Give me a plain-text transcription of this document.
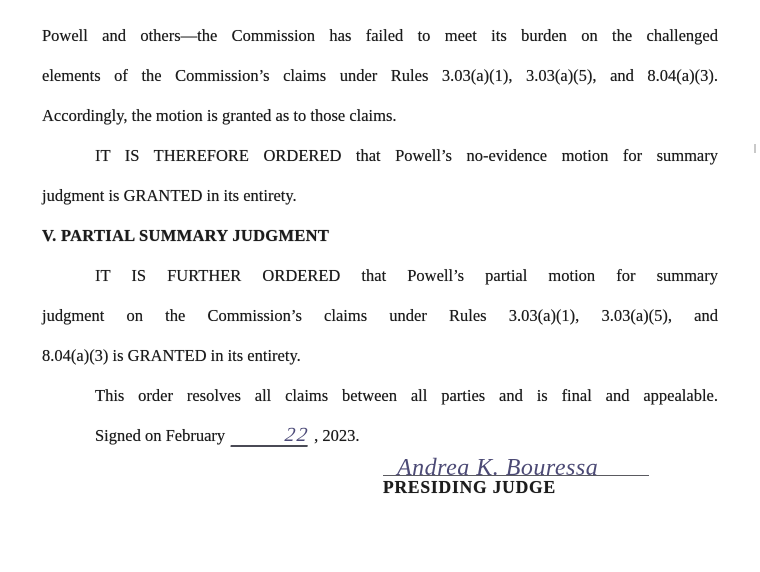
Powell and others—the Commission has failed to meet its burden on the challenged
elements of the Commission’s claims under Rules 3.03(a)(1), 3.03(a)(5), and 8.04(a)(3).
Accordingly, the motion is granted as to those claims.
IT IS THEREFORE ORDERED that Powell’s no-evidence motion for summary
judgment is GRANTED in its entirety.
V. PARTIAL SUMMARY JUDGMENT
IT IS FURTHER ORDERED that Powell’s partial motion for summary
judgment on the Commission’s claims under Rules 3.03(a)(1), 3.03(a)(5), and
8.04(a)(3) is GRANTED in its entirety.
This order resolves all claims between all parties and is final and appealable.
Signed on February	22 , 2023.
Andrea K. Bouressa
PRESIDING JUDGE
